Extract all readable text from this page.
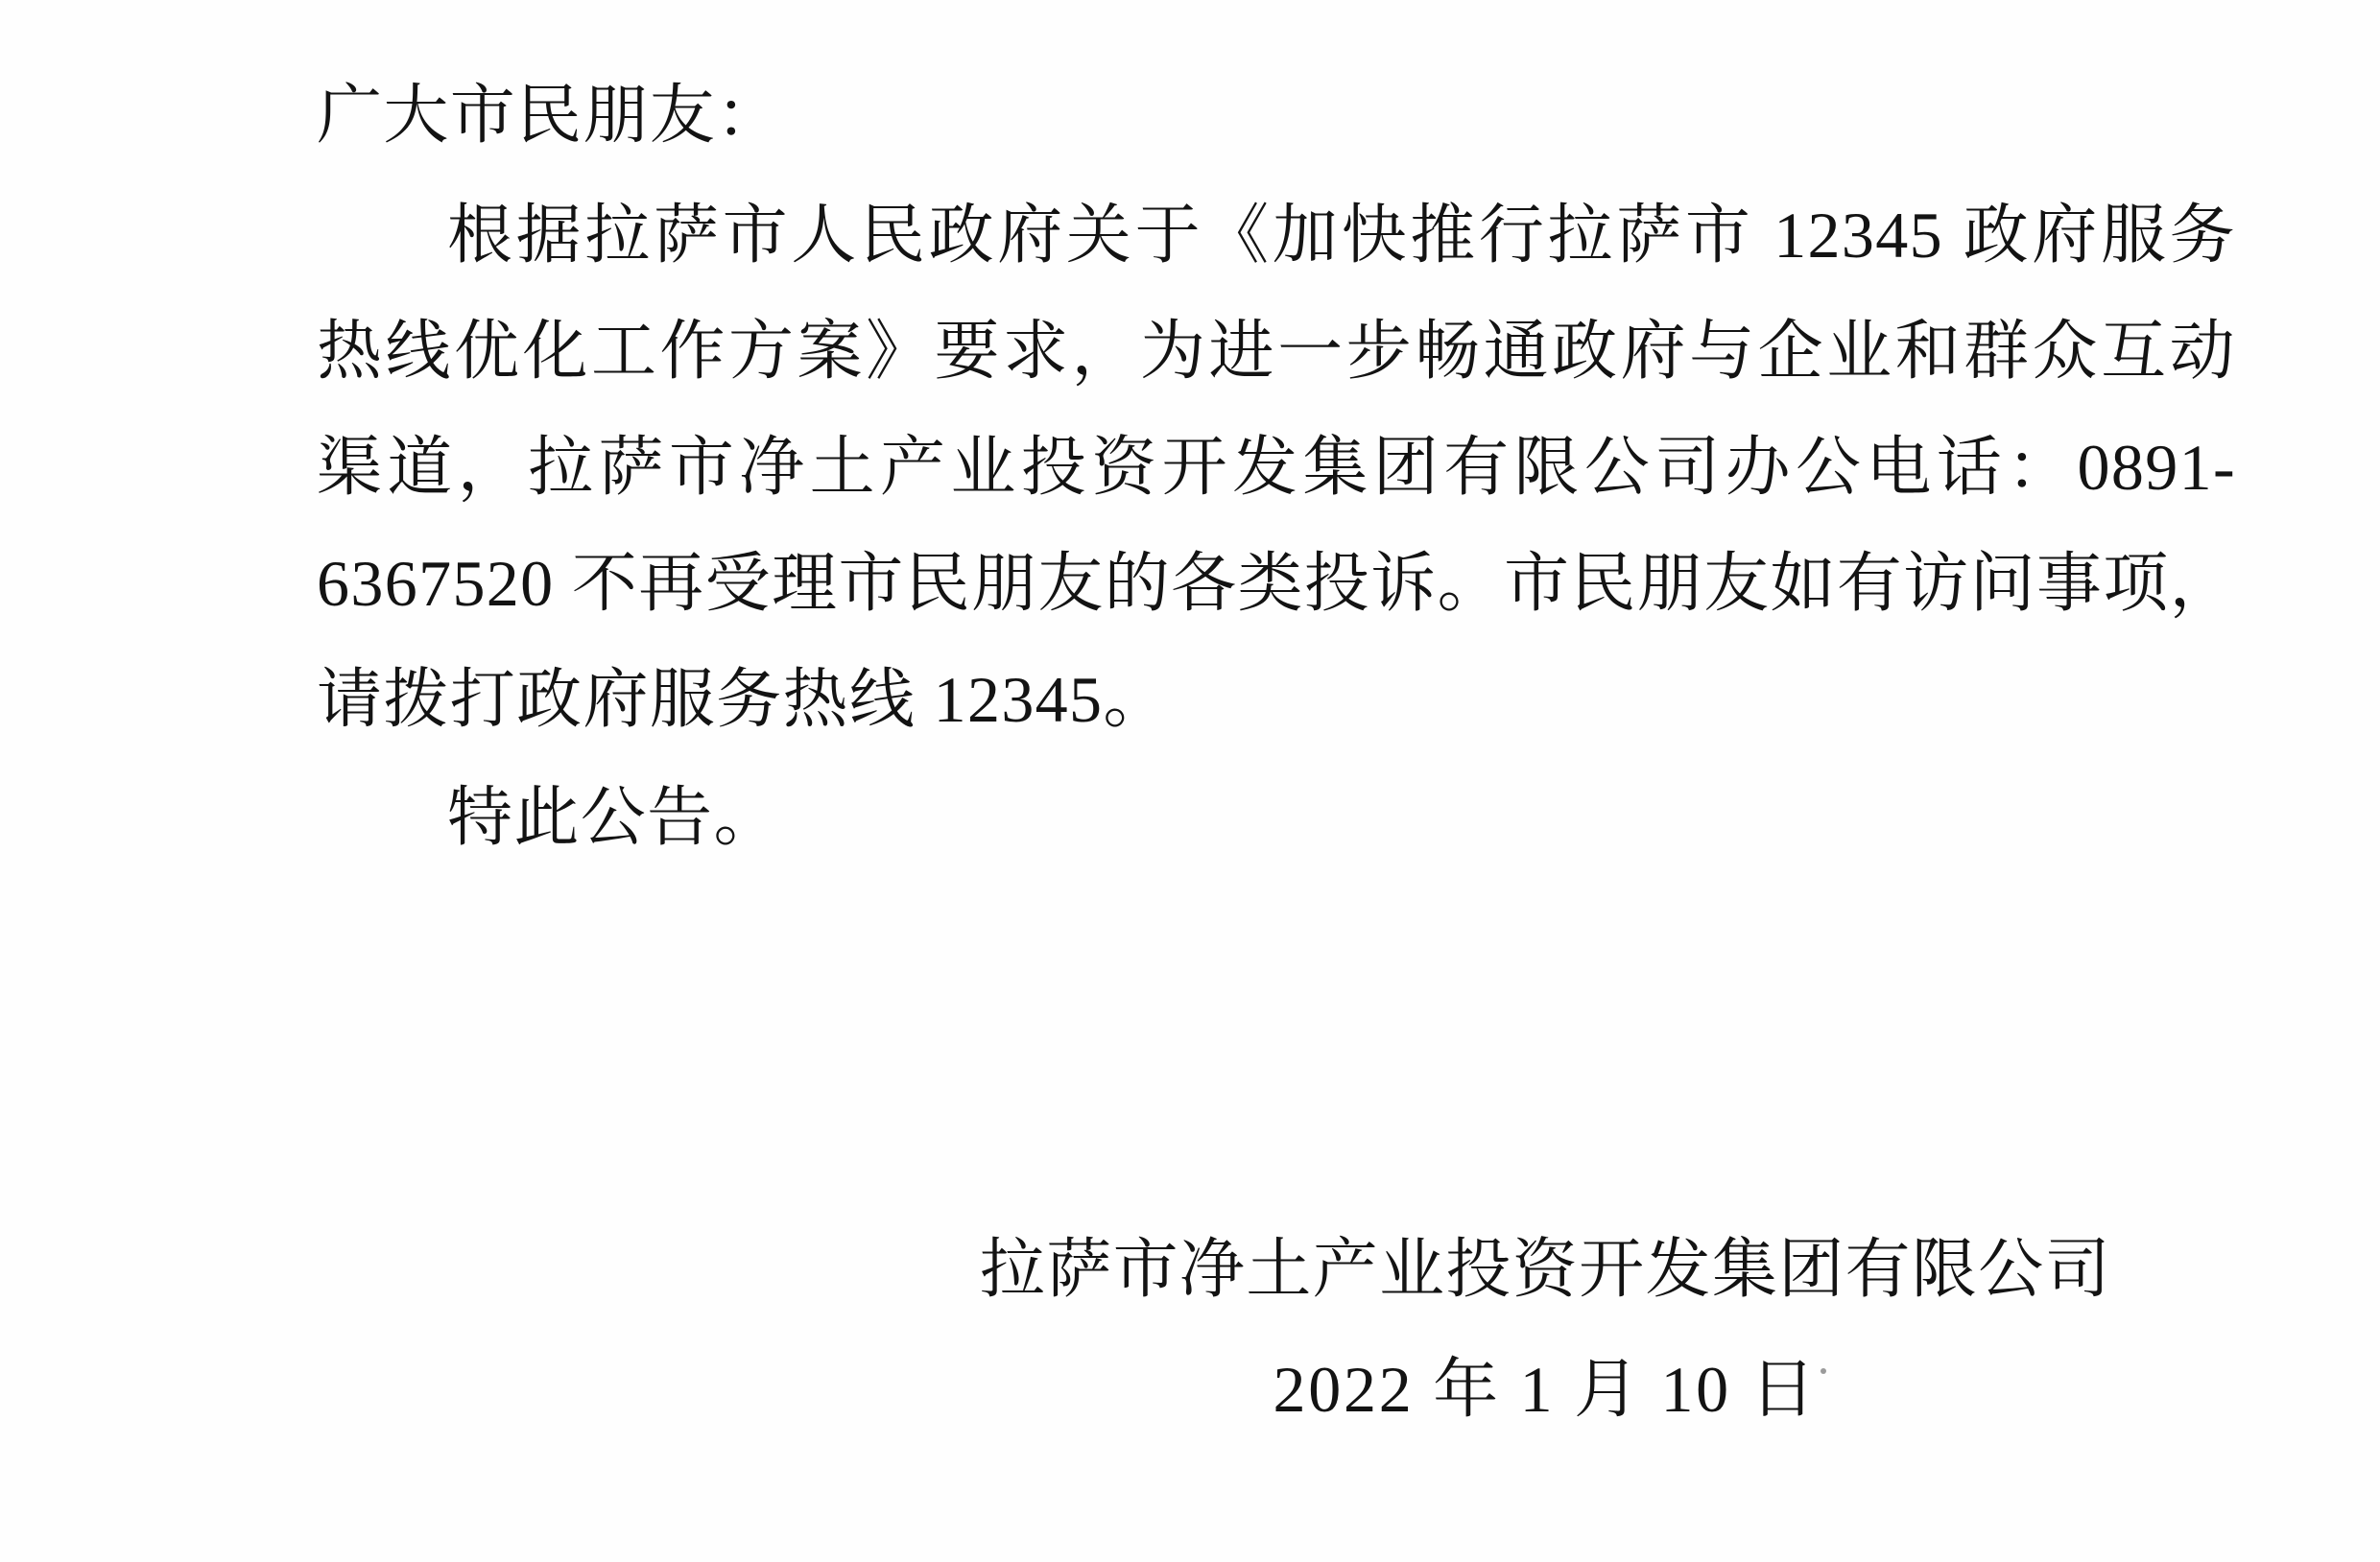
广大市民朋友：

根据拉萨市人民政府关于《加快推行拉萨市 12345 政府服务热线优化工作方案》要求，为进一步畅通政府与企业和群众互动渠道，拉萨市净土产业投资开发集团有限公司办公电话：0891-6367520 不再受理市民朋友的各类投诉。市民朋友如有访问事项，请拨打政府服务热线 12345。

特此公告。

拉萨市净土产业投资开发集团有限公司
2022 年 1 月 10 日
